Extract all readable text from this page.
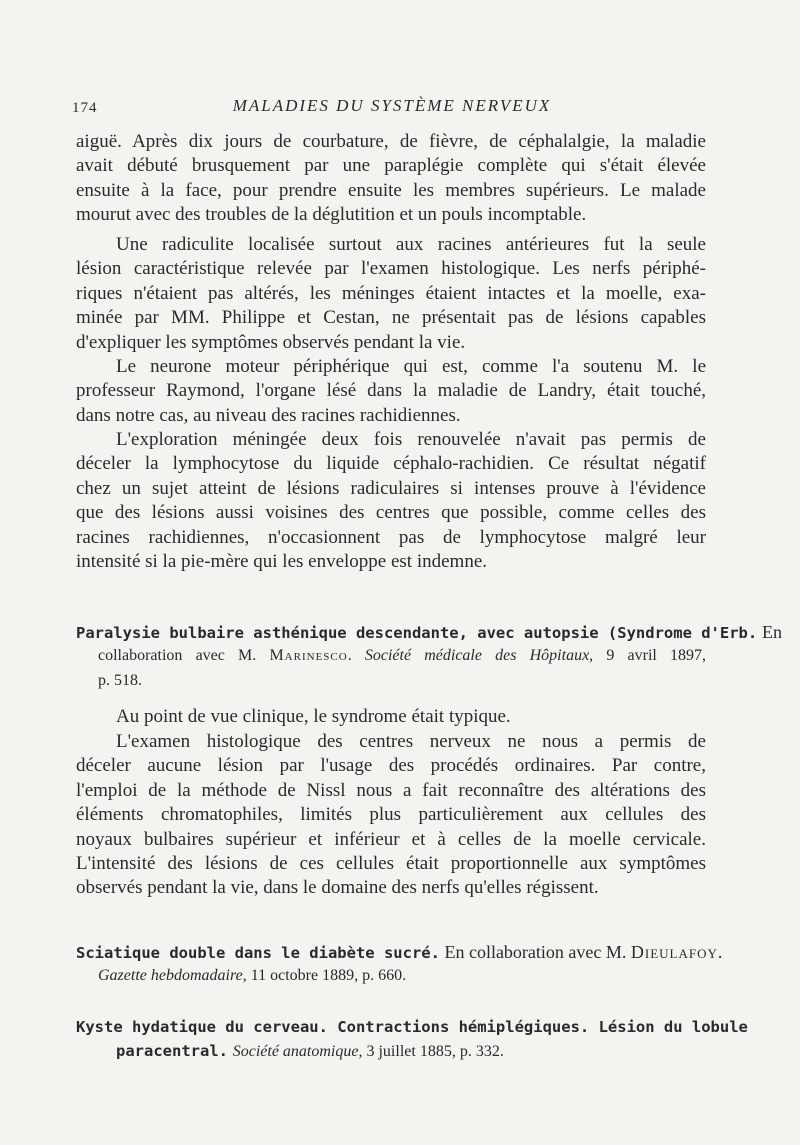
174	MALADIES DU SYSTÈME NERVEUX
aiguë. Après dix jours de courbature, de fièvre, de céphalalgie, la maladie
avait débuté brusquement par une paraplégie complète qui s'était élevée
ensuite à la face, pour prendre ensuite les membres supérieurs. Le malade
mourut avec des troubles de la déglutition et un pouls incomptable.
Une radiculite localisée surtout aux racines antérieures fut la seule
lésion caractéristique relevée par l'examen histologique. Les nerfs périphé-
riques n'étaient pas altérés, les méninges étaient intactes et la moelle, exa-
minée par MM. Philippe et Cestan, ne présentait pas de lésions capables
d'expliquer les symptômes observés pendant la vie.
Le neurone moteur périphérique qui est, comme l'a soutenu M. le
professeur Raymond, l'organe lésé dans la maladie de Landry, était touché,
dans notre cas, au niveau des racines rachidiennes.
L'exploration méningée deux fois renouvelée n'avait pas permis de
déceler la lymphocytose du liquide céphalo-rachidien. Ce résultat négatif
chez un sujet atteint de lésions radiculaires si intenses prouve à l'évidence
que des lésions aussi voisines des centres que possible, comme celles des
racines rachidiennes, n'occasionnent pas de lymphocytose malgré leur
intensité si la pie-mère qui les enveloppe est indemne.
Paralysie bulbaire asthénique descendante, avec autopsie (Syndrome d'Erb. En
collaboration avec M. Marinesco. Société médicale des Hôpitaux, 9 avril 1897,
p. 518.
Au point de vue clinique, le syndrome était typique.
L'examen histologique des centres nerveux ne nous a permis de
déceler aucune lésion par l'usage des procédés ordinaires. Par contre,
l'emploi de la méthode de Nissl nous a fait reconnaître des altérations des
éléments chromatophiles, limités plus particulièrement aux cellules des
noyaux bulbaires supérieur et inférieur et à celles de la moelle cervicale.
L'intensité des lésions de ces cellules était proportionnelle aux symptômes
observés pendant la vie, dans le domaine des nerfs qu'elles régissent.
Sciatique double dans le diabète sucré. En collaboration avec M. Dieulafoy.
Gazette hebdomadaire, 11 octobre 1889, p. 660.
Kyste hydatique du cerveau. Contractions hémiplégiques. Lésion du lobule
paracentral. Société anatomique, 3 juillet 1885, p. 332.
